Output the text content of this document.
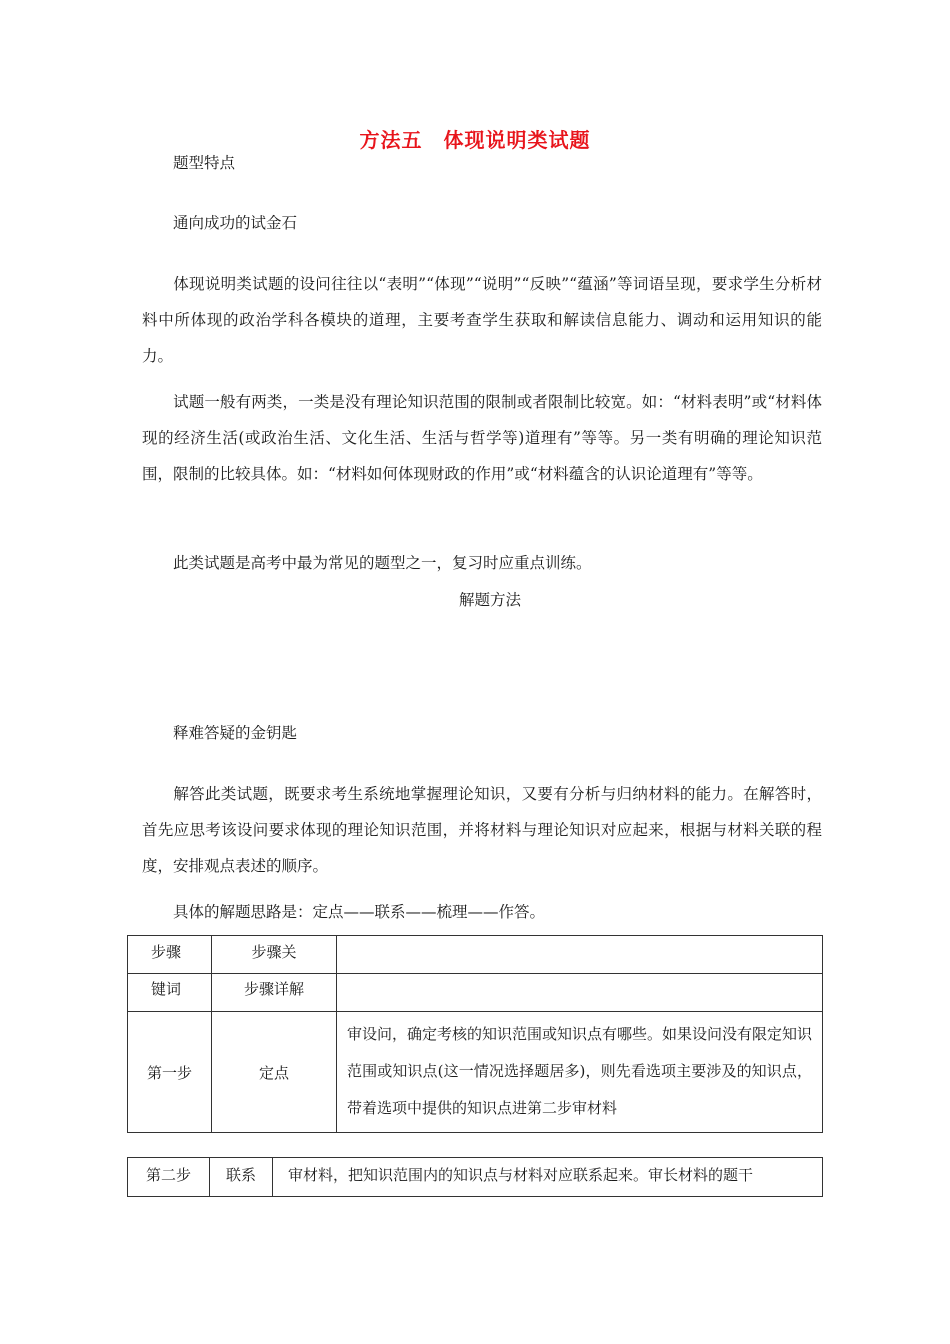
方法五　体现说明类试题
题型特点
通向成功的试金石
体现说明类试题的设问往往以“表明”“体现”“说明”“反映”“蕴涵”等词语呈现，要求学生分析材料中所体现的政治学科各模块的道理，主要考查学生获取和解读信息能力、调动和运用知识的能力。
试题一般有两类，一类是没有理论知识范围的限制或者限制比较宽。如：“材料表明”或“材料体现的经济生活(或政治生活、文化生活、生活与哲学等)道理有”等等。另一类有明确的理论知识范围，限制的比较具体。如：“材料如何体现财政的作用”或“材料蕴含的认识论道理有”等等。
此类试题是高考中最为常见的题型之一，复习时应重点训练。
解题方法
释难答疑的金钥匙
解答此类试题，既要求考生系统地掌握理论知识，又要有分析与归纳材料的能力。在解答时，首先应思考该设问要求体现的理论知识范围，并将材料与理论知识对应起来，根据与材料关联的程度，安排观点表述的顺序。
具体的解题思路是：定点——联系——梳理——作答。
步骤	步骤关	
键词	步骤详解	
第一步	定点	审设问，确定考核的知识范围或知识点有哪些。如果设问没有限定知识范围或知识点(这一情况选择题居多)，则先看选项主要涉及的知识点，带着选项中提供的知识点进第二步审材料
第二步	联系	审材料，把知识范围内的知识点与材料对应联系起来。审长材料的题干
